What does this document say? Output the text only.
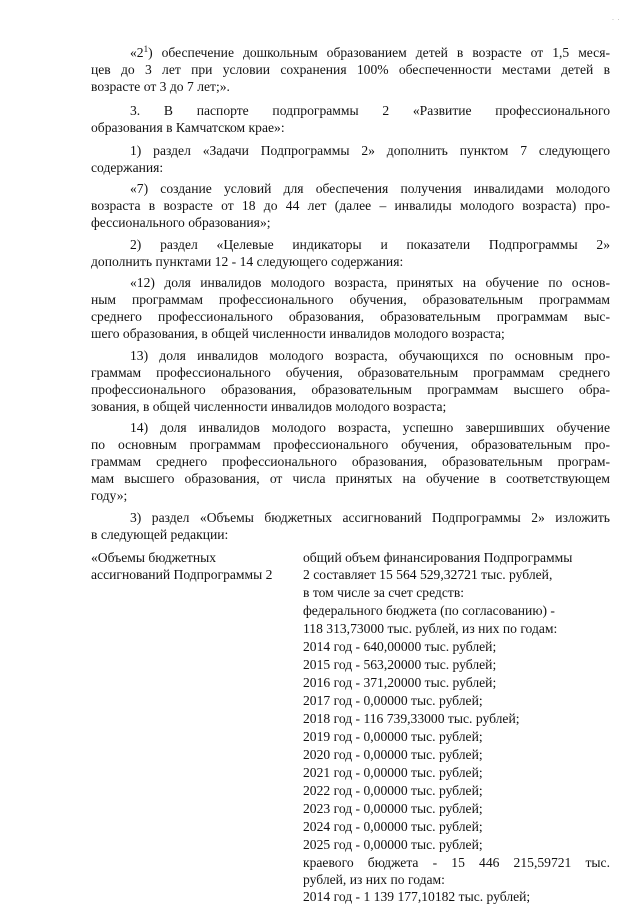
· ·
«$2^1$) обеспечение дошкольным образованием детей в возрасте от 1,5 меся-
цев до 3 лет при условии сохранения 100% обеспеченности местами детей в
возрасте от 3 до 7 лет;».
3. В паспорте подпрограммы 2 «Развитие профессионального
образования в Камчатском крае»:
1) раздел «Задачи Подпрограммы 2» дополнить пунктом 7 следующего
содержания:
«7) создание условий для обеспечения получения инвалидами молодого
возраста в возрасте от 18 до 44 лет (далее – инвалиды молодого возраста) про-
фессионального образования»;
2) раздел «Целевые индикаторы и показатели Подпрограммы 2»
дополнить пунктами 12 - 14 следующего содержания:
«12) доля инвалидов молодого возраста, принятых на обучение по основ-
ным программам профессионального обучения, образовательным программам
среднего профессионального образования, образовательным программам выс-
шего образования, в общей численности инвалидов молодого возраста;
13) доля инвалидов молодого возраста, обучающихся по основным про-
граммам профессионального обучения, образовательным программам среднего
профессионального образования, образовательным программам высшего обра-
зования, в общей численности инвалидов молодого возраста;
14) доля инвалидов молодого возраста, успешно завершивших обучение
по основным программам профессионального обучения, образовательным про-
граммам среднего профессионального образования, образовательным програм-
мам высшего образования, от числа принятых на обучение в соответствующем
году»;
3) раздел «Объемы бюджетных ассигнований Подпрограммы 2» изложить
в следующей редакции:
«Объемы бюджетных
ассигнований Подпрограммы 2
общий объем финансирования Подпрограммы
2 составляет 15 564 529,32721 тыс. рублей,
в том числе за счет средств:
федерального бюджета (по согласованию) -
118 313,73000 тыс. рублей, из них по годам:
2014 год - 640,00000 тыс. рублей;
2015 год - 563,20000 тыс. рублей;
2016 год - 371,20000 тыс. рублей;
2017 год - 0,00000 тыс. рублей;
2018 год - 116 739,33000 тыс. рублей;
2019 год - 0,00000 тыс. рублей;
2020 год - 0,00000 тыс. рублей;
2021 год - 0,00000 тыс. рублей;
2022 год - 0,00000 тыс. рублей;
2023 год - 0,00000 тыс. рублей;
2024 год - 0,00000 тыс. рублей;
2025 год - 0,00000 тыс. рублей;
краевого бюджета - 15 446 215,59721 тыс.
рублей, из них по годам:
2014 год - 1 139 177,10182 тыс. рублей;
